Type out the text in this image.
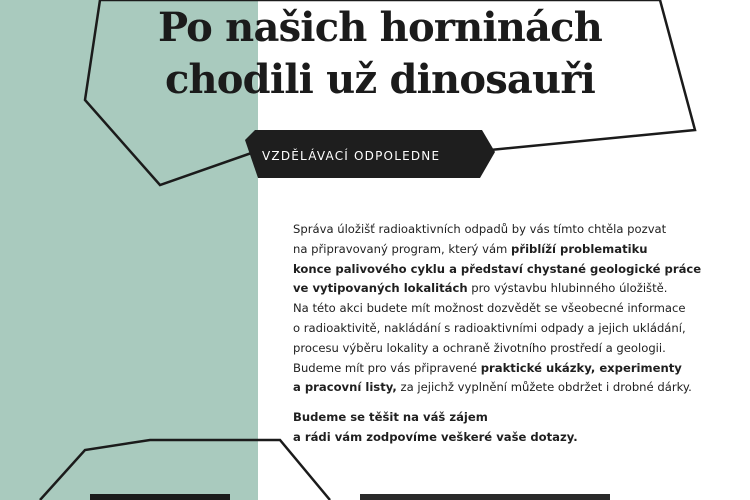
Po našich horninách
chodili už dinosauři
VZDĚLÁVACÍ ODPOLEDNE

Správa úložišť radioaktivních odpadů by vás tímto chtěla pozvat

na připravovaný program, který vám přiblíží problematiku

konce palivového cyklu a představí chystané geologické práce

ve vytipovaných lokalitách pro výstavbu hlubinného úložiště.

Na této akci budete mít možnost dozvědět se všeobecné informace

o radioaktivitě, nakládání s radioaktivními odpady a jejich ukládání,

procesu výběru lokality a ochraně životního prostředí a geologii.

Budeme mít pro vás připravené praktické ukázky, experimenty

a pracovní listy, za jejichž vyplnění můžete obdržet i drobné dárky.

Budeme se těšit na váš zájem

a rádi vám zodpovíme veškeré vaše dotazy.
